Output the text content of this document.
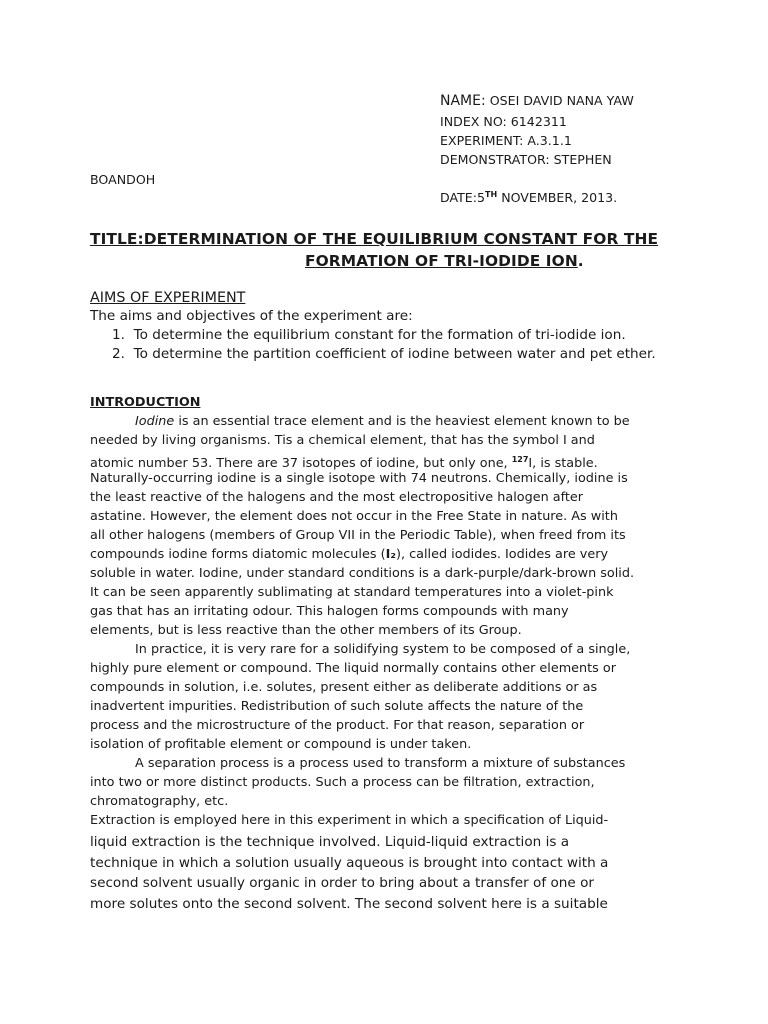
NAME: OSEI DAVID NANA YAW
INDEX NO: 6142311
EXPERIMENT: A.3.1.1
DEMONSTRATOR: STEPHEN
BOANDOH
DATE:5TH NOVEMBER, 2013.
TITLE:DETERMINATION OF THE EQUILIBRIUM CONSTANT FOR THE
FORMATION OF TRI-IODIDE ION.
AIMS OF EXPERIMENT
The aims and objectives of the experiment are:
1.  To determine the equilibrium constant for the formation of tri-iodide ion.
2.  To determine the partition coefficient of iodine between water and pet ether.
INTRODUCTION
Iodine is an essential trace element and is the heaviest element known to be
needed by living organisms. Tis a chemical element, that has the symbol I and
atomic number 53. There are 37 isotopes of iodine, but only one, $^{127}$I, is stable.
Naturally-occurring iodine is a single isotope with 74 neutrons. Chemically, iodine is
the least reactive of the halogens and the most electropositive halogen after
astatine. However, the element does not occur in the Free State in nature. As with
all other halogens (members of Group VII in the Periodic Table), when freed from its
compounds iodine forms diatomic molecules (I₂), called iodides. Iodides are very
soluble in water. Iodine, under standard conditions is a dark-purple/dark-brown solid.
It can be seen apparently sublimating at standard temperatures into a violet-pink
gas that has an irritating odour. This halogen forms compounds with many
elements, but is less reactive than the other members of its Group.
In practice, it is very rare for a solidifying system to be composed of a single,
highly pure element or compound. The liquid normally contains other elements or
compounds in solution, i.e. solutes, present either as deliberate additions or as
inadvertent impurities. Redistribution of such solute affects the nature of the
process and the microstructure of the product. For that reason, separation or
isolation of profitable element or compound is under taken.
A separation process is a process used to transform a mixture of substances
into two or more distinct products. Such a process can be filtration, extraction,
chromatography, etc.
Extraction is employed here in this experiment in which a specification of Liquid-
liquid extraction is the technique involved. Liquid-liquid extraction is a
technique in which a solution usually aqueous is brought into contact with a
second solvent usually organic in order to bring about a transfer of one or
more solutes onto the second solvent. The second solvent here is a suitable
